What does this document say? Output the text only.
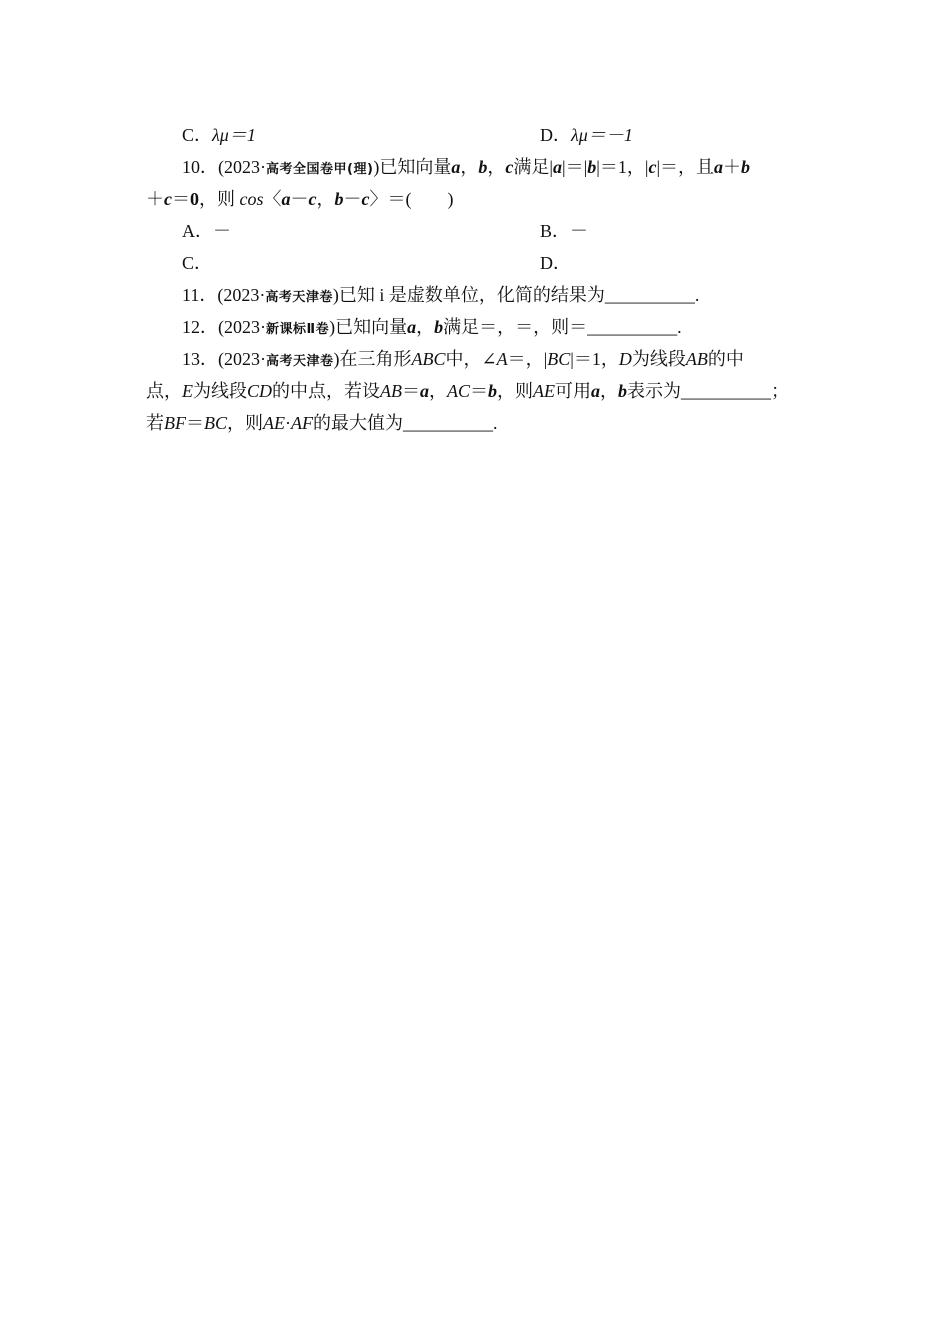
C．λμ＝1	D．λμ＝－1
10．(2023·高考全国卷甲(理))已知向量a，b，c满足|a|＝|b|＝1，|c|＝，且a＋b
＋c＝0，则 cos〈a－c，b－c〉＝(　　)
A．－	B．－
C．	D．
11．(2023·高考天津卷)已知 i 是虚数单位，化简的结果为__________.
12．(2023·新课标Ⅱ卷)已知向量a，b满足＝，＝，则＝__________.
13．(2023·高考天津卷)在三角形ABC中，∠A＝，|BC|＝1，D为线段AB的中
点，E为线段CD的中点，若设AB＝a，AC＝b，则AE可用a，b表示为__________；
若BF＝BC，则AE·AF的最大值为__________.
